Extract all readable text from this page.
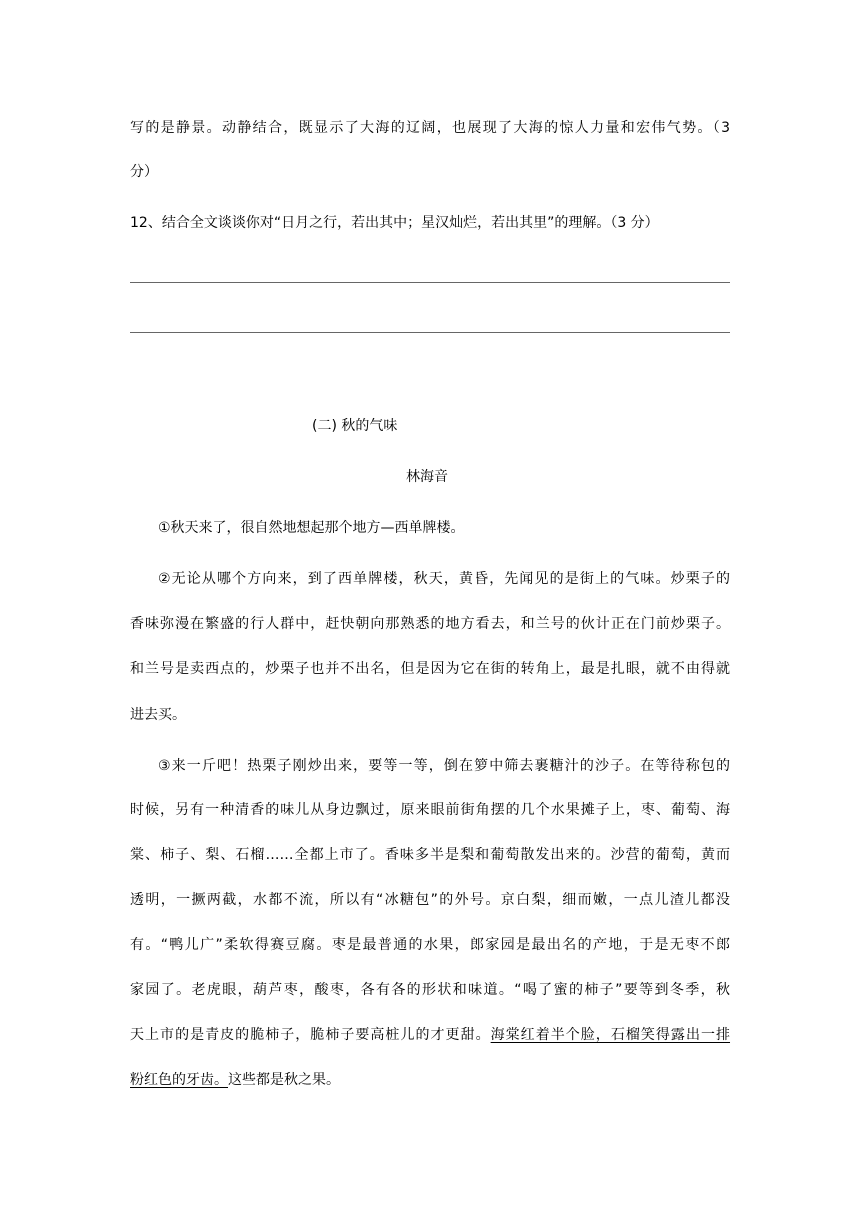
写的是静景。动静结合，既显示了大海的辽阔，也展现了大海的惊人力量和宏伟气势。（3
分）
12、结合全文谈谈你对“日月之行，若出其中；星汉灿烂，若出其里”的理解。（3 分）
(二) 秋的气味
林海音
①秋天来了，很自然地想起那个地方—西单牌楼。
②无论从哪个方向来，到了西单牌楼，秋天，黄昏，先闻见的是街上的气味。炒栗子的
香味弥漫在繁盛的行人群中，赶快朝向那熟悉的地方看去，和兰号的伙计正在门前炒栗子。
和兰号是卖西点的，炒栗子也并不出名，但是因为它在街的转角上，最是扎眼，就不由得就
进去买。
③来一斤吧！热栗子刚炒出来，要等一等，倒在箩中筛去裹糖汁的沙子。在等待称包的
时候，另有一种清香的味儿从身边飘过，原来眼前街角摆的几个水果摊子上，枣、葡萄、海
棠、柿子、梨、石榴……全都上市了。香味多半是梨和葡萄散发出来的。沙营的葡萄，黄而
透明，一撅两截，水都不流，所以有“冰糖包”的外号。京白梨，细而嫩，一点儿渣儿都没
有。“鸭儿广”柔软得赛豆腐。枣是最普通的水果，郎家园是最出名的产地，于是无枣不郎
家园了。老虎眼，葫芦枣，酸枣，各有各的形状和味道。“喝了蜜的柿子”要等到冬季，秋
天上市的是青皮的脆柿子，脆柿子要高桩儿的才更甜。海棠红着半个脸，石榴笑得露出一排
粉红色的牙齿。这些都是秋之果。
